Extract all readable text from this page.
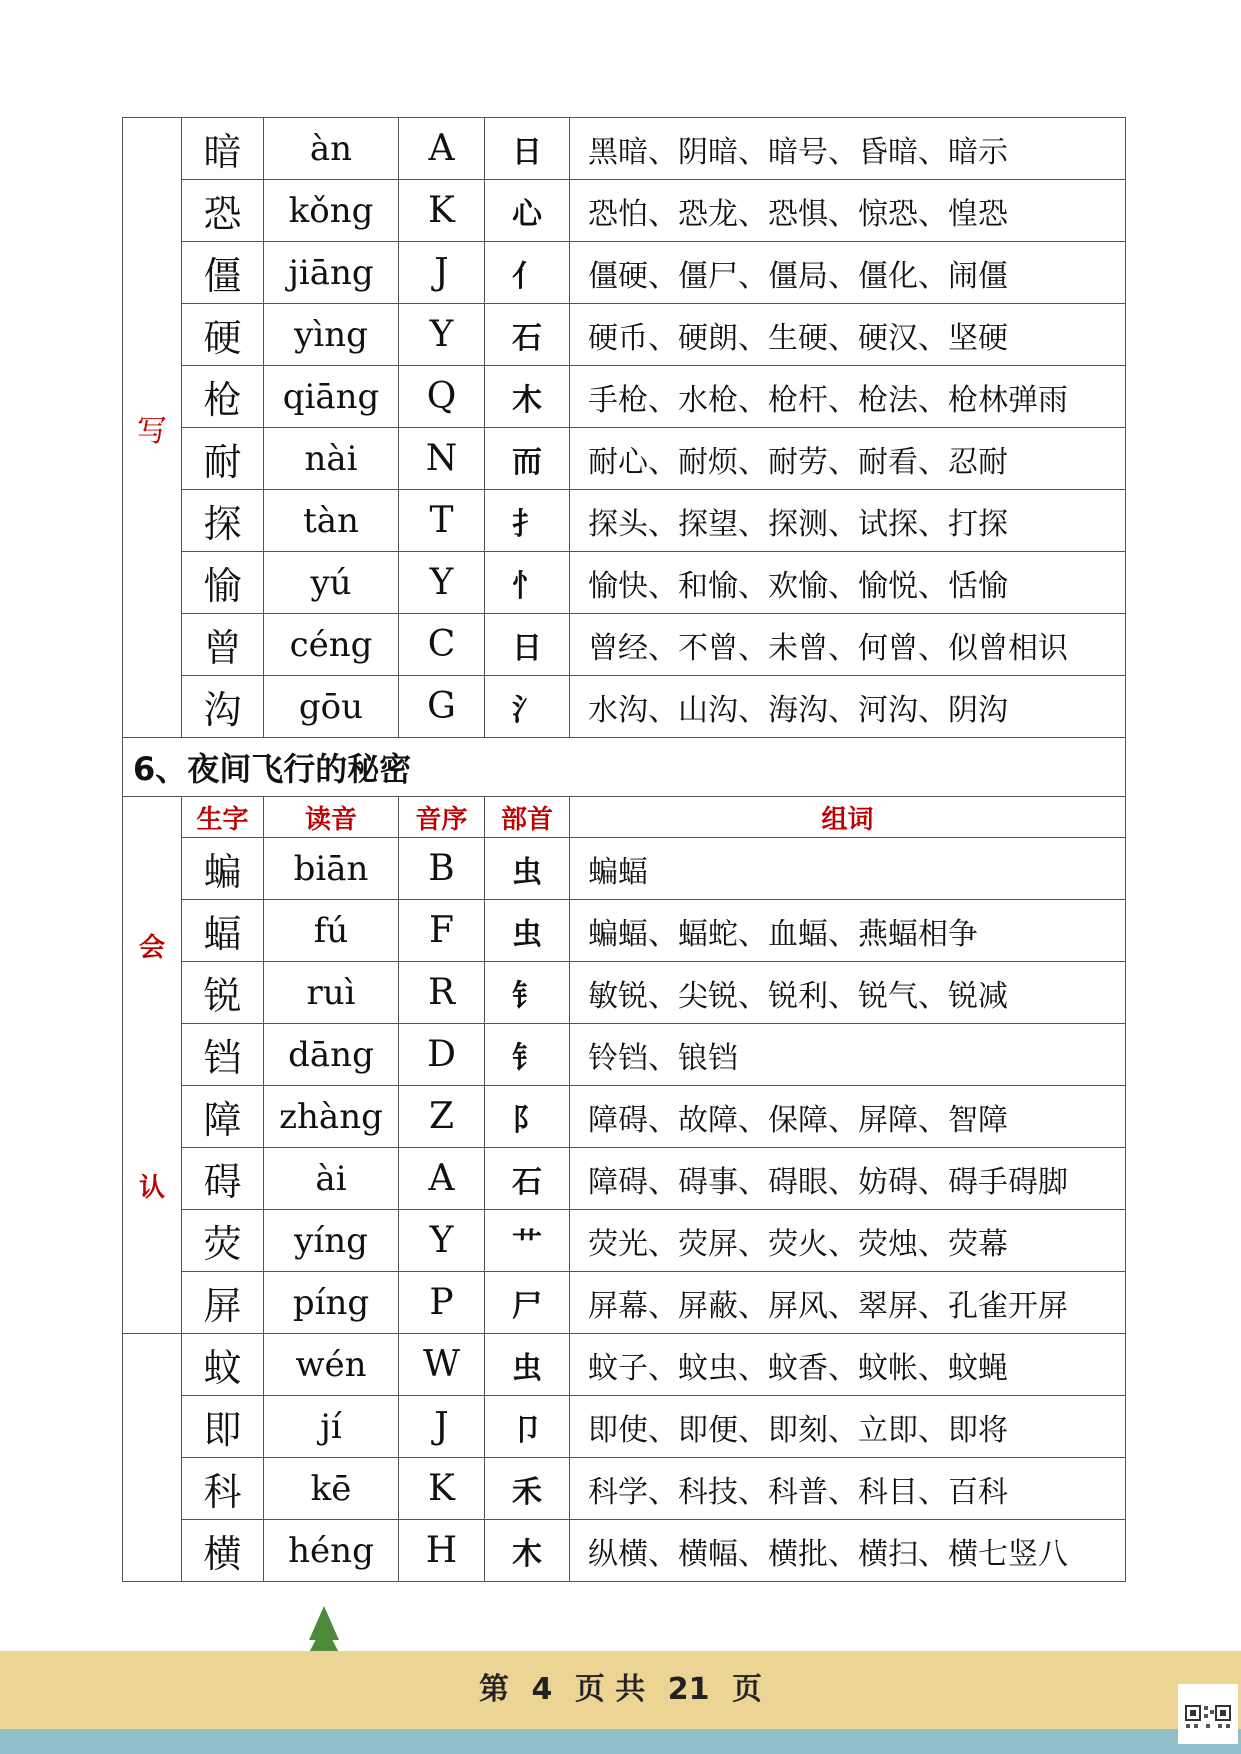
写	暗	àn	A	日	黑暗、阴暗、暗号、昏暗、暗示
	恐	kǒng	K	心	恐怕、恐龙、恐惧、惊恐、惶恐
	僵	jiāng	J	亻	僵硬、僵尸、僵局、僵化、闹僵
	硬	yìng	Y	石	硬币、硬朗、生硬、硬汉、坚硬
	枪	qiāng	Q	木	手枪、水枪、枪杆、枪法、枪林弹雨
	耐	nài	N	而	耐心、耐烦、耐劳、耐看、忍耐
	探	tàn	T	扌	探头、探望、探测、试探、打探
	愉	yú	Y	忄	愉快、和愉、欢愉、愉悦、恬愉
	曾	céng	C	日	曾经、不曾、未曾、何曾、似曾相识
	沟	gōu	G	氵	水沟、山沟、海沟、河沟、阴沟
6、夜间飞行的秘密					

会
认	生字	读音	音序	部首	组词
	蝙	biān	B	虫	蝙蝠
	蝠	fú	F	虫	蝙蝠、蝠蛇、血蝠、燕蝠相争
	锐	ruì	R	钅	敏锐、尖锐、锐利、锐气、锐减
	铛	dāng	D	钅	铃铛、锒铛
	障	zhàng	Z	阝	障碍、故障、保障、屏障、智障
	碍	ài	A	石	障碍、碍事、碍眼、妨碍、碍手碍脚
	荧	yíng	Y	艹	荧光、荧屏、荧火、荧烛、荧幕
	屏	píng	P	尸	屏幕、屏蔽、屏风、翠屏、孔雀开屏
	蚊	wén	W	虫	蚊子、蚊虫、蚊香、蚊帐、蚊蝇
	即	jí	J	卩	即使、即便、即刻、立即、即将
	科	kē	K	禾	科学、科技、科普、科目、百科
	横	héng	H	木	纵横、横幅、横批、横扫、横七竖八
第 4 页 共 21 页
